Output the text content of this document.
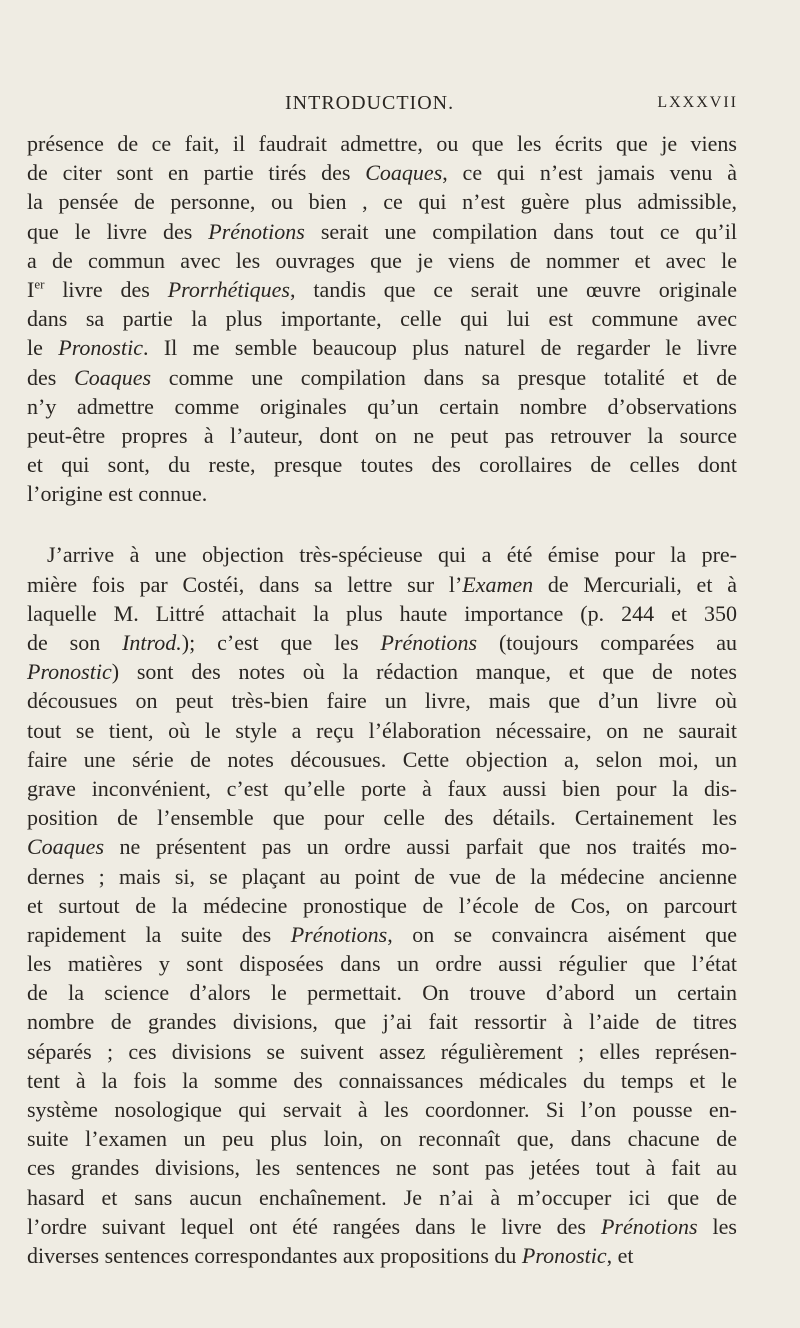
INTRODUCTION.	LXXXVII
présence de ce fait, il faudrait admettre, ou que les écrits que je viens
de citer sont en partie tirés des Coaques, ce qui n’est jamais venu à
la pensée de personne, ou bien , ce qui n’est guère plus admissible,
que le livre des Prénotions serait une compilation dans tout ce qu’il
a de commun avec les ouvrages que je viens de nommer et avec le
Ier livre des Prorrhétiques, tandis que ce serait une œuvre originale
dans sa partie la plus importante, celle qui lui est commune avec
le Pronostic. Il me semble beaucoup plus naturel de regarder le livre
des Coaques comme une compilation dans sa presque totalité et de
n’y admettre comme originales qu’un certain nombre d’observations
peut-être propres à l’auteur, dont on ne peut pas retrouver la source
et qui sont, du reste, presque toutes des corollaires de celles dont
l’origine est connue.
J’arrive à une objection très-spécieuse qui a été émise pour la pre-
mière fois par Costéi, dans sa lettre sur l’Examen de Mercuriali, et à
laquelle M. Littré attachait la plus haute importance (p. 244 et 350
de son Introd.); c’est que les Prénotions (toujours comparées au
Pronostic) sont des notes où la rédaction manque, et que de notes
décousues on peut très-bien faire un livre, mais que d’un livre où
tout se tient, où le style a reçu l’élaboration nécessaire, on ne saurait
faire une série de notes décousues. Cette objection a, selon moi, un
grave inconvénient, c’est qu’elle porte à faux aussi bien pour la dis-
position de l’ensemble que pour celle des détails. Certainement les
Coaques ne présentent pas un ordre aussi parfait que nos traités mo-
dernes ; mais si, se plaçant au point de vue de la médecine ancienne
et surtout de la médecine pronostique de l’école de Cos, on parcourt
rapidement la suite des Prénotions, on se convaincra aisément que
les matières y sont disposées dans un ordre aussi régulier que l’état
de la science d’alors le permettait. On trouve d’abord un certain
nombre de grandes divisions, que j’ai fait ressortir à l’aide de titres
séparés ; ces divisions se suivent assez régulièrement ; elles représen-
tent à la fois la somme des connaissances médicales du temps et le
système nosologique qui servait à les coordonner. Si l’on pousse en-
suite l’examen un peu plus loin, on reconnaît que, dans chacune de
ces grandes divisions, les sentences ne sont pas jetées tout à fait au
hasard et sans aucun enchaînement. Je n’ai à m’occuper ici que de
l’ordre suivant lequel ont été rangées dans le livre des Prénotions les
diverses sentences correspondantes aux propositions du Pronostic, et
